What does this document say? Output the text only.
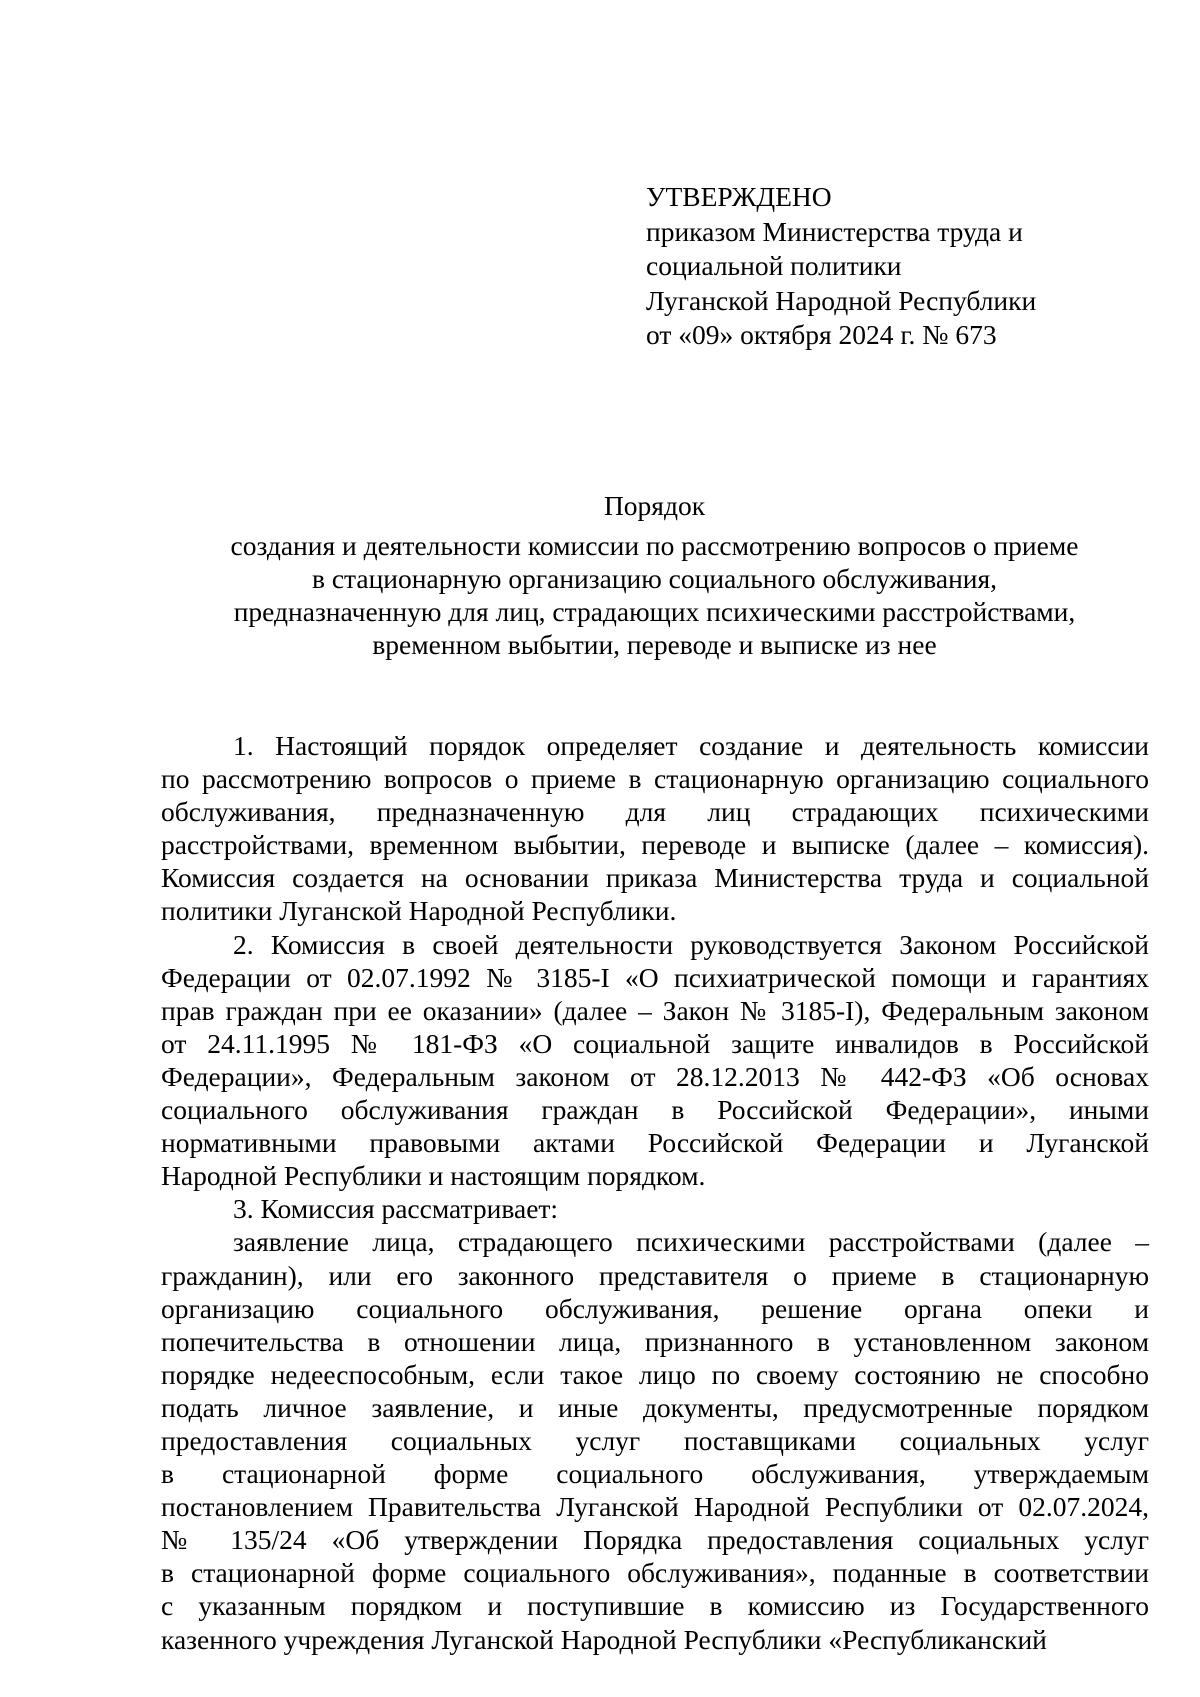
УТВЕРЖДЕНО
приказом Министерства труда и
социальной политики
Луганской Народной Республики
от «09» октября 2024 г. № 673
Порядок
создания и деятельности комиссии по рассмотрению вопросов о приеме
в стационарную организацию социального обслуживания,
предназначенную для лиц, страдающих психическими расстройствами,
временном выбытии, переводе и выписке из нее
1. Настоящий порядок определяет создание и деятельность комиссии
по рассмотрению вопросов о приеме в стационарную организацию социального
обслуживания, предназначенную для лиц страдающих психическими
расстройствами, временном выбытии, переводе и выписке (далее – комиссия).
Комиссия создается на основании приказа Министерства труда и социальной
политики Луганской Народной Республики.
2. Комиссия в своей деятельности руководствуется Законом Российской
Федерации от 02.07.1992 № 3185-I «О психиатрической помощи и гарантиях
прав граждан при ее оказании» (далее – Закон № 3185-I), Федеральным законом
от 24.11.1995 № 181-ФЗ «О социальной защите инвалидов в Российской
Федерации», Федеральным законом от 28.12.2013 № 442-ФЗ «Об основах
социального обслуживания граждан в Российской Федерации», иными
нормативными правовыми актами Российской Федерации и Луганской
Народной Республики и настоящим порядком.
3. Комиссия рассматривает:
заявление лица, страдающего психическими расстройствами (далее –
гражданин), или его законного представителя о приеме в стационарную
организацию социального обслуживания, решение органа опеки и
попечительства в отношении лица, признанного в установленном законом
порядке недееспособным, если такое лицо по своему состоянию не способно
подать личное заявление, и иные документы, предусмотренные порядком
предоставления социальных услуг поставщиками социальных услуг
в стационарной форме социального обслуживания, утверждаемым
постановлением Правительства Луганской Народной Республики от 02.07.2024,
№ 135/24 «Об утверждении Порядка предоставления социальных услуг
в стационарной форме социального обслуживания», поданные в соответствии
с указанным порядком и поступившие в комиссию из Государственного
казенного учреждения Луганской Народной Республики «Республиканский
